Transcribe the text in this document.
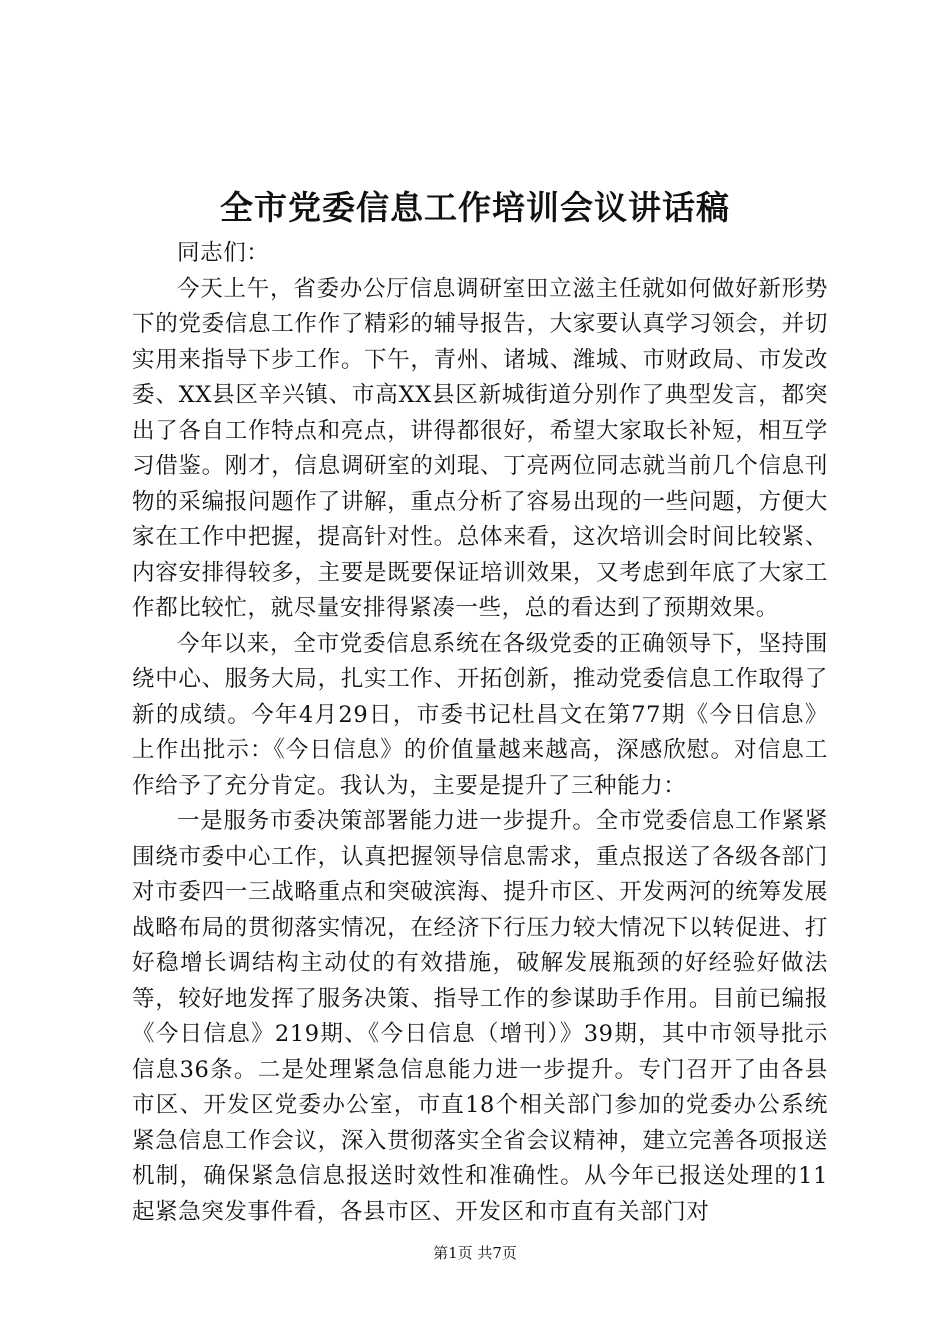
全市党委信息工作培训会议讲话稿

同志们：

今天上午，省委办公厅信息调研室田立滋主任就如何做好新形势下的党委信息工作作了精彩的辅导报告，大家要认真学习领会，并切实用来指导下步工作。下午，青州、诸城、潍城、市财政局、市发改委、XX县区辛兴镇、市高XX县区新城街道分别作了典型发言，都突出了各自工作特点和亮点，讲得都很好，希望大家取长补短，相互学习借鉴。刚才，信息调研室的刘琨、丁亮两位同志就当前几个信息刊物的采编报问题作了讲解，重点分析了容易出现的一些问题，方便大家在工作中把握，提高针对性。总体来看，这次培训会时间比较紧、内容安排得较多，主要是既要保证培训效果，又考虑到年底了大家工作都比较忙，就尽量安排得紧凑一些，总的看达到了预期效果。

今年以来，全市党委信息系统在各级党委的正确领导下，坚持围绕中心、服务大局，扎实工作、开拓创新，推动党委信息工作取得了新的成绩。今年4月29日，市委书记杜昌文在第77期《今日信息》上作出批示：《今日信息》的价值量越来越高，深感欣慰。对信息工作给予了充分肯定。我认为，主要是提升了三种能力：

一是服务市委决策部署能力进一步提升。全市党委信息工作紧紧围绕市委中心工作，认真把握领导信息需求，重点报送了各级各部门对市委四一三战略重点和突破滨海、提升市区、开发两河的统筹发展战略布局的贯彻落实情况，在经济下行压力较大情况下以转促进、打好稳增长调结构主动仗的有效措施，破解发展瓶颈的好经验好做法等，较好地发挥了服务决策、指导工作的参谋助手作用。目前已编报《今日信息》219期、《今日信息（增刊）》39期，其中市领导批示信息36条。二是处理紧急信息能力进一步提升。专门召开了由各县市区、开发区党委办公室，市直18个相关部门参加的党委办公系统紧急信息工作会议，深入贯彻落实全省会议精神，建立完善各项报送机制，确保紧急信息报送时效性和准确性。从今年已报送处理的11起紧急突发事件看，各县市区、开发区和市直有关部门对

第1页 共7页
